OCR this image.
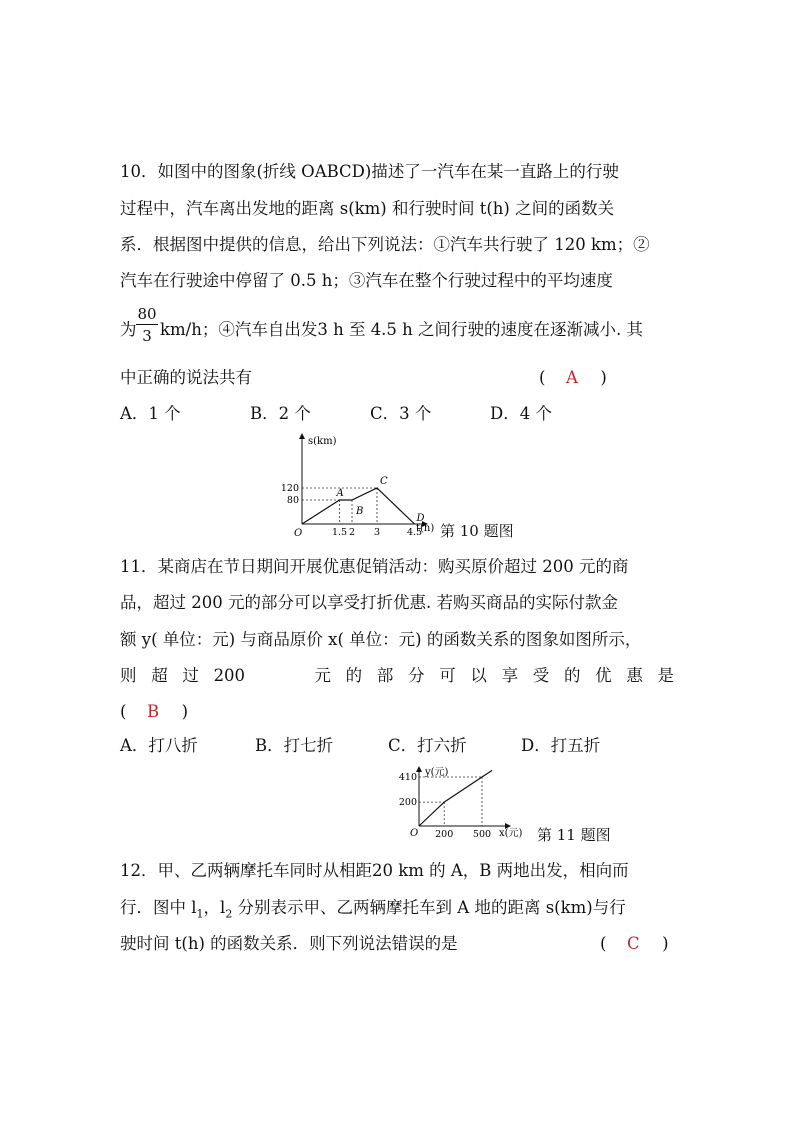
10．如图中的图象(折线 OABCD)描述了一汽车在某一直路上的行驶
过程中，汽车离出发地的距离 s(km) 和行驶时间 t(h) 之间的函数关
系．根据图中提供的信息，给出下列说法：①汽车共行驶了 120 km；②
汽车在行驶途中停留了 0.5 h；③汽车在整个行驶过程中的平均速度
为 $\frac{80}{3} km/h$；④汽车自出发3 h 至 4.5 h 之间行驶的速度在逐渐减小. 其
中正确的说法共有	( A )
A．1 个	B．2 个	C．3 个	D．4 个
s(km)
t(h)
O
A
B
C
D
1.5 2 3	4.5
80
120
第 10 题图
11．某商店在节日期间开展优惠促销活动：购买原价超过 200 元的商
品，超过 200 元的部分可以享受打折优惠. 若购买商品的实际付款金
额 y( 单位：元) 与商品原价 x( 单位：元) 的函数关系的图象如图所示，
则 超 过 200	元 的 部 分 可 以 享 受 的 优 惠 是
( B )
A．打八折	B．打七折	C．打六折	D．打五折
y(元)
x(元)
O 200 500
200
410
第 11 题图
12．甲、乙两辆摩托车同时从相距20 km 的 A，B 两地出发，相向而
行．图中 $l_1$，$l_2$ 分别表示甲、乙两辆摩托车到 A 地的距离 s(km)与行
驶时间 t(h) 的函数关系．则下列说法错误的是	( C )
